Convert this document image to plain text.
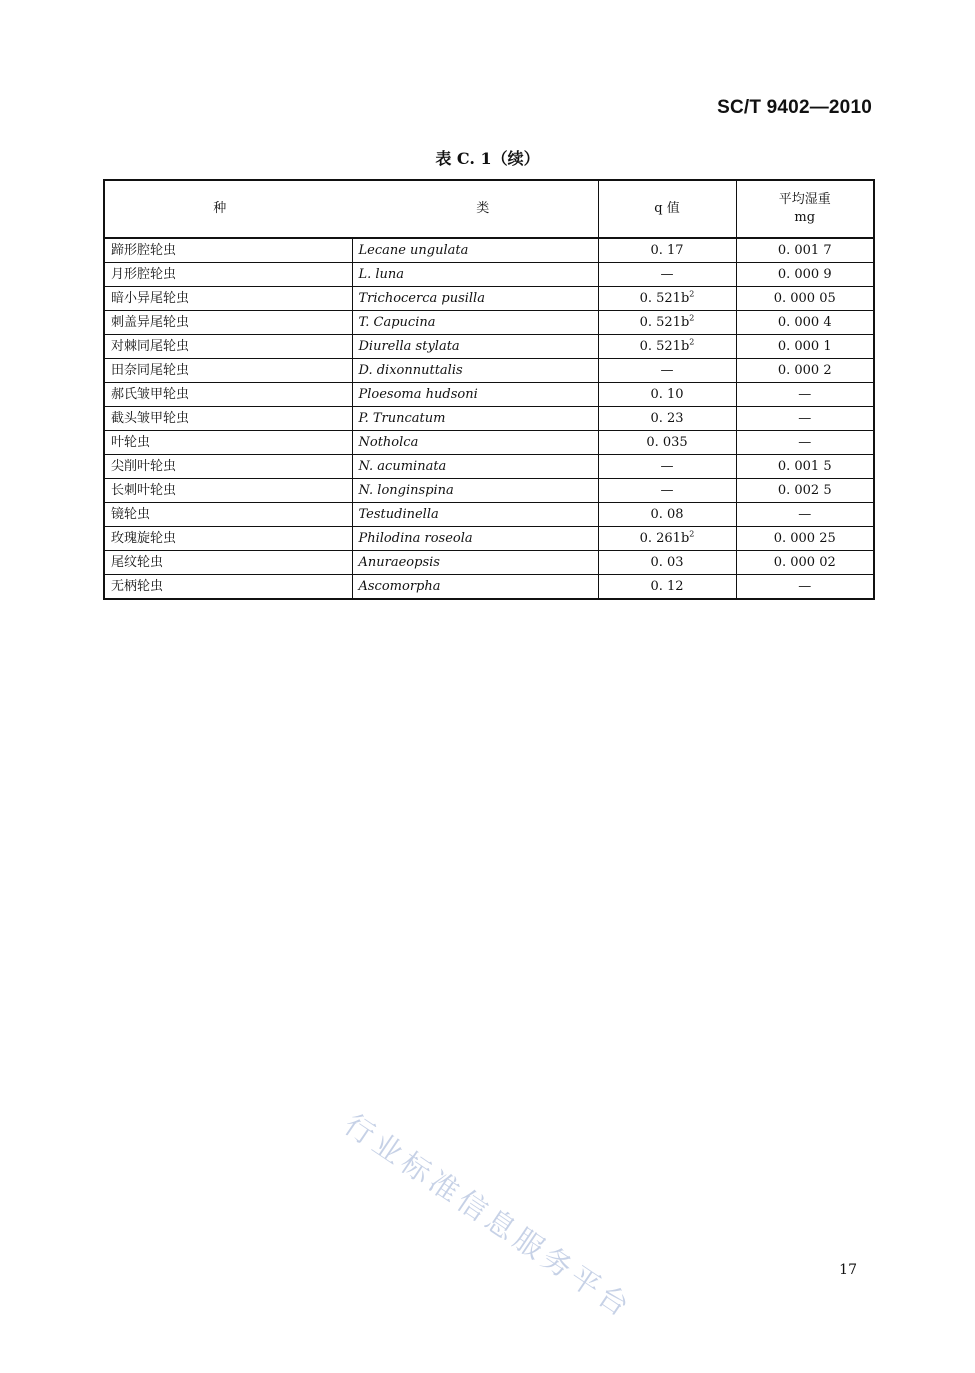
SC/T 9402—2010
表 C. 1（续）
种 类		q 值	平均湿重
mg

蹄形腔轮虫	Lecane ungulata	0. 17	0. 001 7
月形腔轮虫	L. luna	—	0. 000 9
暗小异尾轮虫	Trichocerca pusilla	0. $521b^2$	0. 000 05
刺盖异尾轮虫	T. Capucina	0. $521b^2$	0. 000 4
对棘同尾轮虫	Diurella stylata	0. $521b^2$	0. 000 1
田奈同尾轮虫	D. dixonnuttalis	—	0. 000 2
郝氏皱甲轮虫	Ploesoma hudsoni	0. 10	—
截头皱甲轮虫	P. Truncatum	0. 23	—
叶轮虫	Notholca	0. 035	—
尖削叶轮虫	N. acuminata	—	0. 001 5
长刺叶轮虫	N. longinspina	—	0. 002 5
镜轮虫	Testudinella	0. 08	—
玫瑰旋轮虫	Philodina roseola	0. $261b^2$	0. 000 25
尾纹轮虫	Anuraeopsis	0. 03	0. 000 02
无柄轮虫	Ascomorpha	0. 12	—
行业标准信息服务平台	17
